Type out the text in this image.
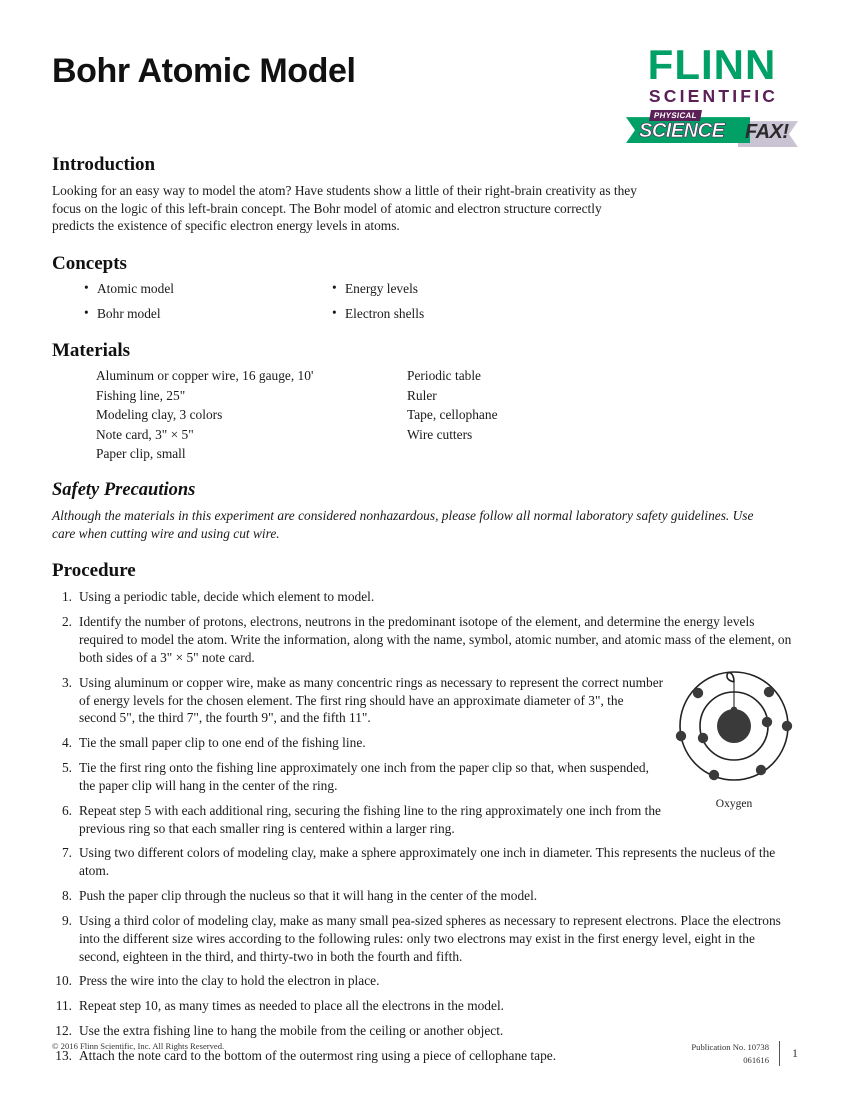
Bohr Atomic Model	FLINN
SCIENTIFIC
PHYSICAL
SCIENCE FAX!
Introduction

Looking for an easy way to model the atom? Have students show a little of their right-brain creativity as they focus on the logic of this left-brain concept. The Bohr model of atomic and electron structure correctly predicts the existence of specific electron energy levels in atoms.

Concepts
• Atomic model	• Energy levels
• Bohr model	• Electron shells
Materials
Aluminum or copper wire, 16 gauge, 10'	Periodic table
Fishing line, 25"	Ruler
Modeling clay, 3 colors	Tape, cellophane
Note card, 3" × 5"	Wire cutters
Paper clip, small
Safety Precautions

Although the materials in this experiment are considered nonhazardous, please follow all normal laboratory safety guidelines. Use care when cutting wire and using cut wire.

Procedure
Oxygen
1. Using a periodic table, decide which element to model.
2. Identify the number of protons, electrons, neutrons in the predominant isotope of the element, and determine the energy levels required to model the atom. Write the information, along with the name, symbol, atomic number, and atomic mass of the element, on both sides of a 3" × 5" note card.
3. Using aluminum or copper wire, make as many concentric rings as necessary to represent the correct number of energy levels for the chosen element. The first ring should have an approximate diameter of 3", the second 5", the third 7", the fourth 9", and the fifth 11".
4. Tie the small paper clip to one end of the fishing line.
5. Tie the first ring onto the fishing line approximately one inch from the paper clip so that, when suspended, the paper clip will hang in the center of the ring.
6. Repeat step 5 with each additional ring, securing the fishing line to the ring approximately one inch from the previous ring so that each smaller ring is centered within a larger ring.
7. Using two different colors of modeling clay, make a sphere approximately one inch in diameter. This represents the nucleus of the atom.
8. Push the paper clip through the nucleus so that it will hang in the center of the model.
9. Using a third color of modeling clay, make as many small pea-sized spheres as necessary to represent electrons. Place the electrons into the different size wires according to the following rules: only two electrons may exist in the first energy level, eight in the second, eighteen in the third, and thirty-two in both the fourth and fifth.
10. Press the wire into the clay to hold the electron in place.
11. Repeat step 10, as many times as needed to place all the electrons in the model.
12. Use the extra fishing line to hang the mobile from the ceiling or another object.
13. Attach the note card to the bottom of the outermost ring using a piece of cellophane tape.
© 2016 Flinn Scientific, Inc. All Rights Reserved.	Publication No. 10738
061616 1
